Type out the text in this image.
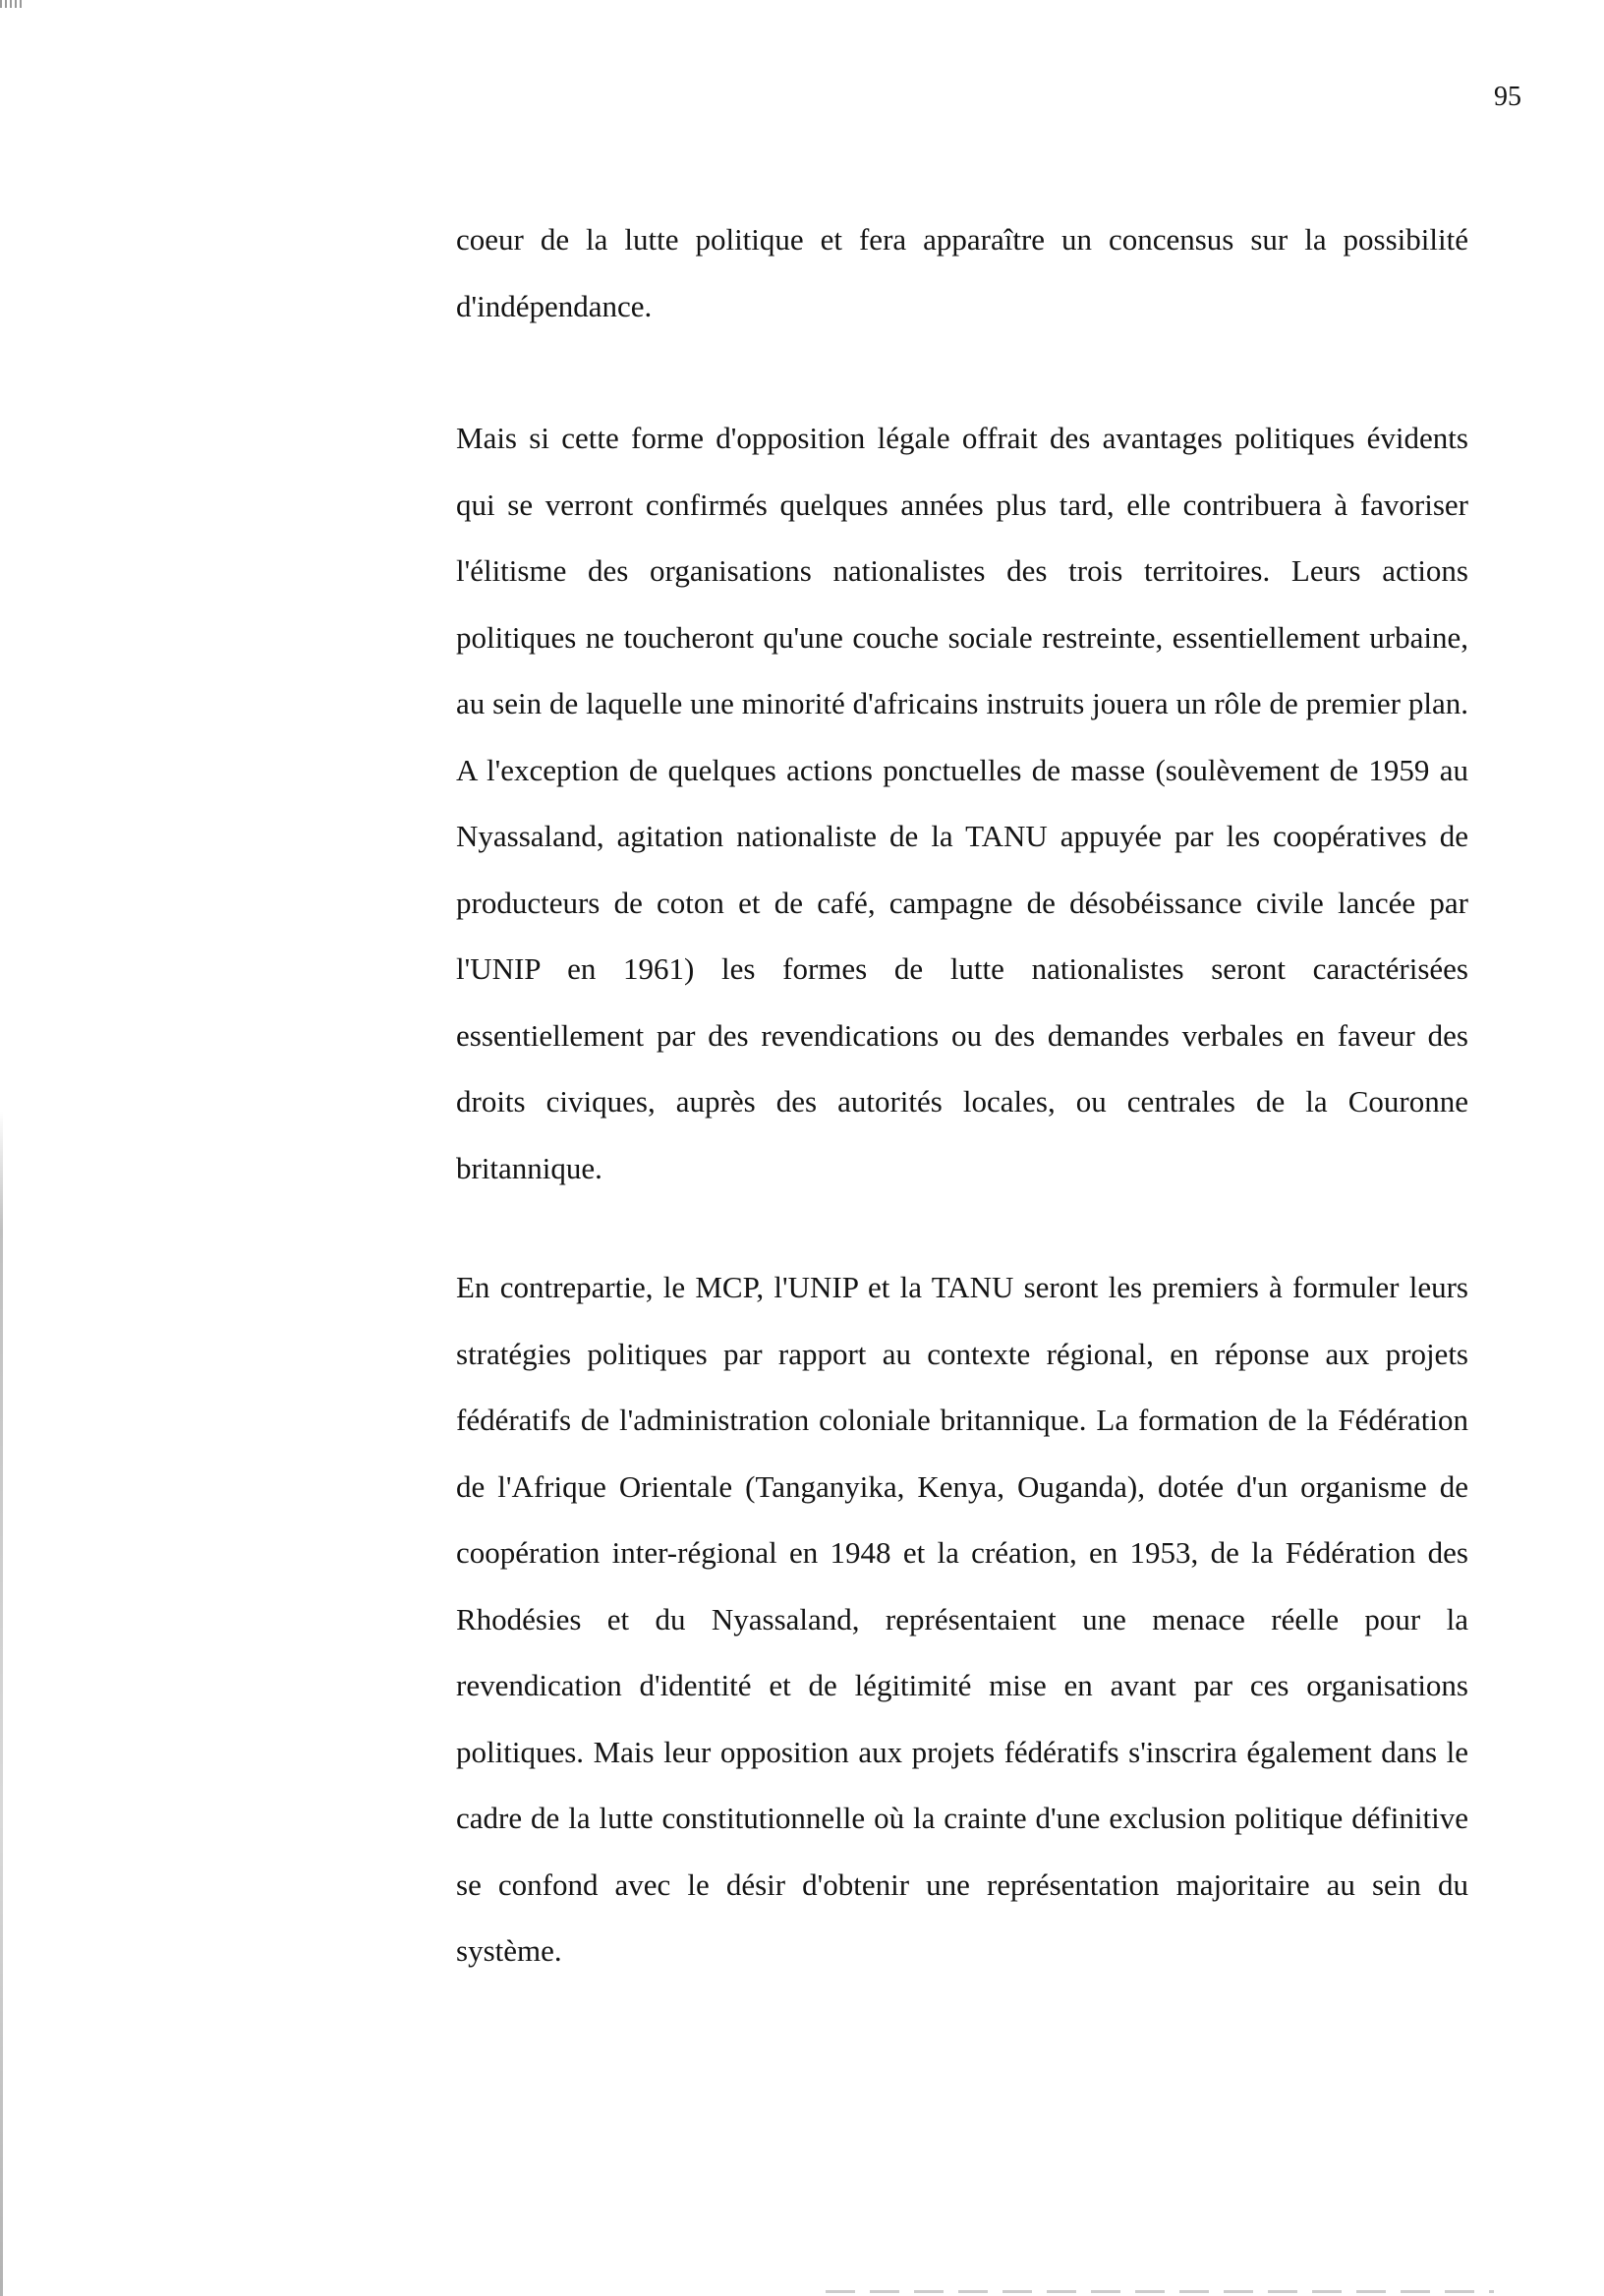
95

coeur de la lutte politique et fera apparaître un concensus sur la possibilité d'indépendance.

Mais si cette forme d'opposition légale offrait des avantages politiques évidents qui se verront confirmés quelques années plus tard, elle contribuera à favoriser l'élitisme des organisations nationalistes des trois territoires. Leurs actions politiques ne toucheront qu'une couche sociale restreinte, essentiellement urbaine, au sein de laquelle une minorité d'africains instruits jouera un rôle de premier plan. A l'exception de quelques actions ponctuelles de masse (soulèvement de 1959 au Nyassaland, agitation nationaliste de la TANU appuyée par les coopératives de producteurs de coton et de café, campagne de désobéissance civile lancée par l'UNIP en 1961) les formes de lutte nationalistes seront caractérisées essentiellement par des revendications ou des demandes verbales en faveur des droits civiques, auprès des autorités locales, ou centrales de la Couronne britannique.

En contrepartie, le MCP, l'UNIP et la TANU seront les premiers à formuler leurs stratégies politiques par rapport au contexte régional, en réponse aux projets fédératifs de l'administration coloniale britannique. La formation de la Fédération de l'Afrique Orientale (Tanganyika, Kenya, Ouganda), dotée d'un organisme de coopération inter-régional en 1948 et la création, en 1953, de la Fédération des Rhodésies et du Nyassaland, représentaient une menace réelle pour la revendication d'identité et de légitimité mise en avant par ces organisations politiques. Mais leur opposition aux projets fédératifs s'inscrira également dans le cadre de la lutte constitutionnelle où la crainte d'une exclusion politique définitive se confond avec le désir d'obtenir une représentation majoritaire au sein du système.
